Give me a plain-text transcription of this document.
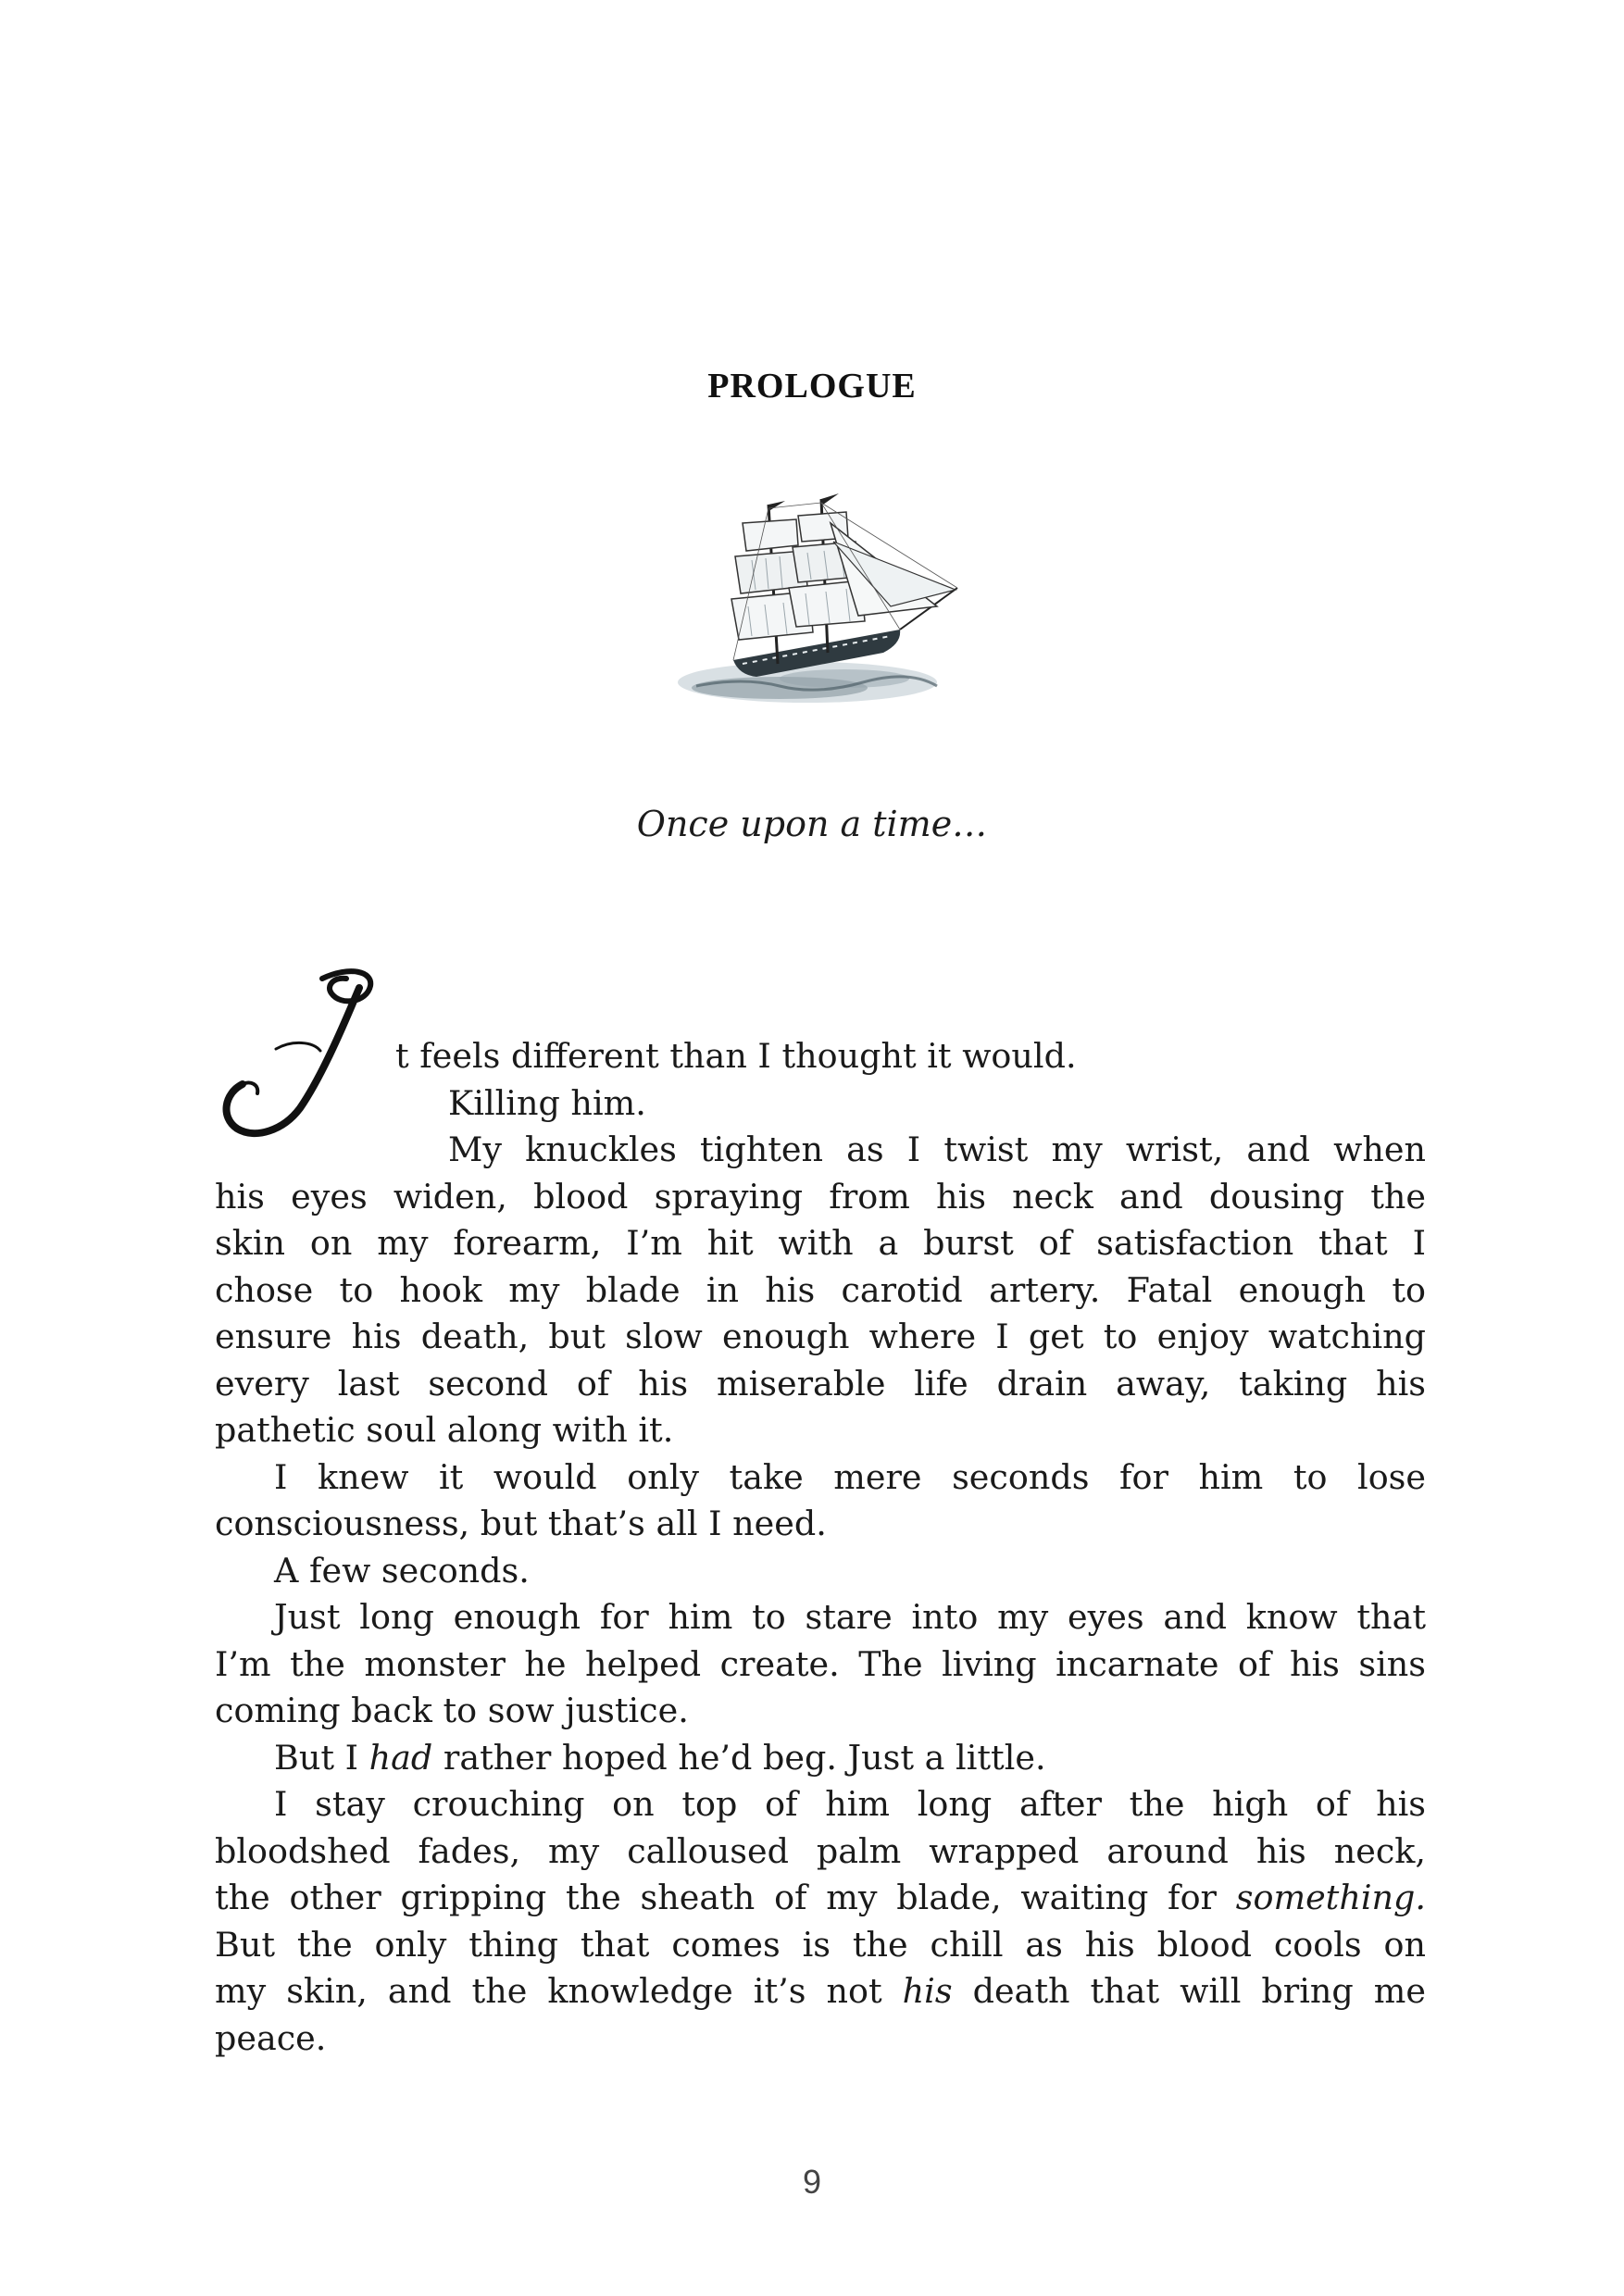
PROLOGUE
Once upon a time…
t feels different than I thought it would.
Killing him.
My knuckles tighten as I twist my wrist, and when
his eyes widen, blood spraying from his neck and dousing the
skin on my forearm, I’m hit with a burst of satisfaction that I
chose to hook my blade in his carotid artery. Fatal enough to
ensure his death, but slow enough where I get to enjoy watching
every last second of his miserable life drain away, taking his
pathetic soul along with it.
I knew it would only take mere seconds for him to lose
consciousness, but that’s all I need.
A few seconds.
Just long enough for him to stare into my eyes and know that
I’m the monster he helped create. The living incarnate of his sins
coming back to sow justice.
But I had rather hoped he’d beg. Just a little.
I stay crouching on top of him long after the high of his
bloodshed fades, my calloused palm wrapped around his neck,
the other gripping the sheath of my blade, waiting for something.
But the only thing that comes is the chill as his blood cools on
my skin, and the knowledge it’s not his death that will bring me
peace.
9
